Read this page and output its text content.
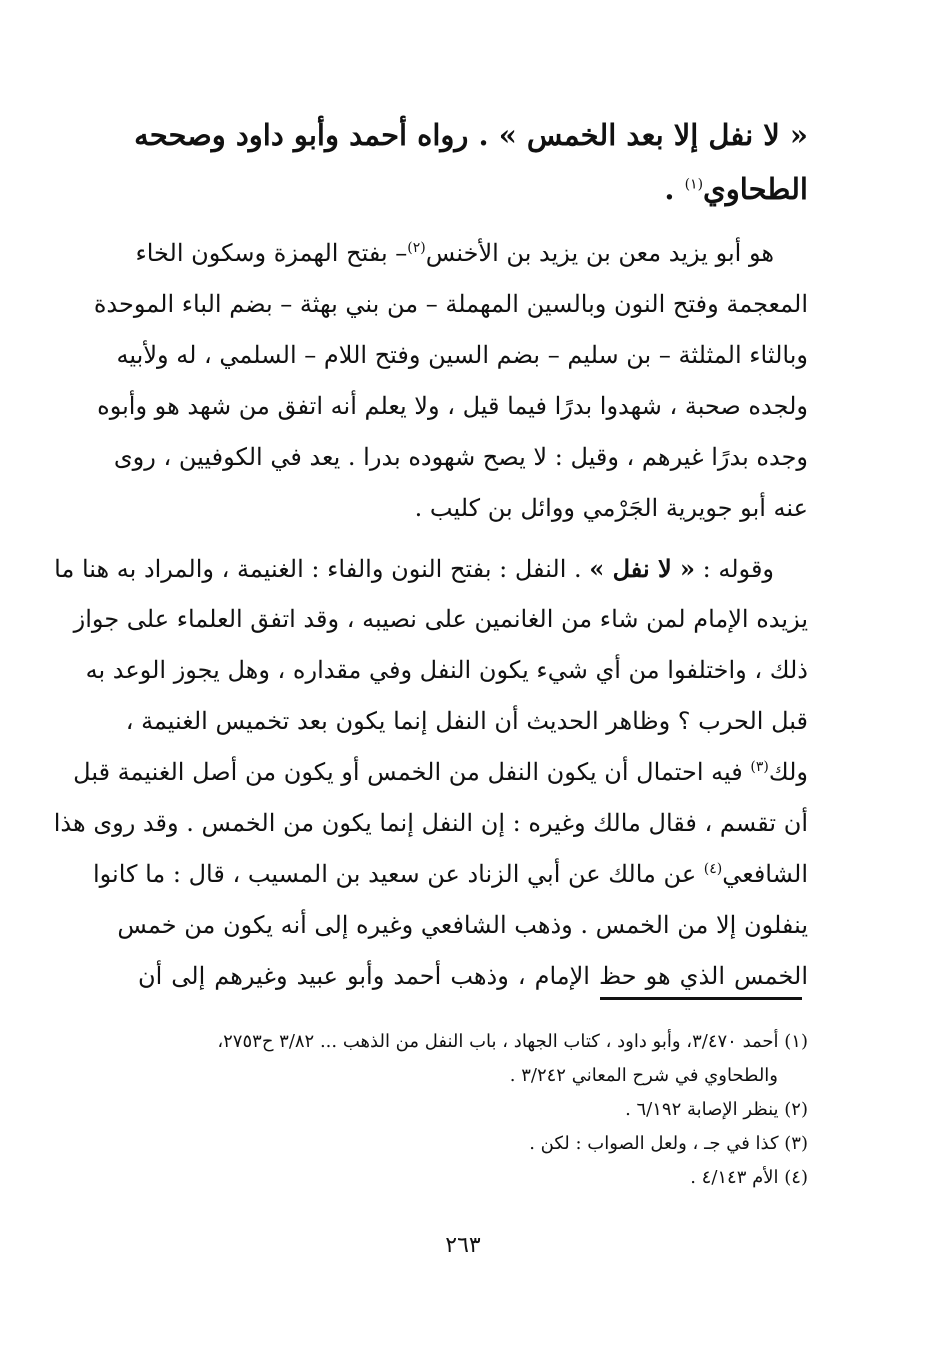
« لا نفل إلا بعد الخمس » . رواه أحمد وأبو داود وصححه
الطحاوي$^{(١)}$ .
هو أبو يزيد معن بن يزيد بن الأخنس$^{(٢)}$– بفتح الهمزة وسكون الخاء
المعجمة وفتح النون وبالسين المهملة – من بني بهثة – بضم الباء الموحدة
وبالثاء المثلثة – بن سليم – بضم السين وفتح اللام – السلمي ، له ولأبيه
ولجده صحبة ، شهدوا بدرًا فيما قيل ، ولا يعلم أنه اتفق من شهد هو وأبوه
وجده بدرًا غيرهم ، وقيل : لا يصح شهوده بدرا . يعد في الكوفيين ، روى
عنه أبو جويرية الجَرْمي ووائل بن كليب .
وقوله : « لا نفل » . النفل : بفتح النون والفاء : الغنيمة ، والمراد به هنا ما
يزيده الإمام لمن شاء من الغانمين على نصيبه ، وقد اتفق العلماء على جواز
ذلك ، واختلفوا من أي شيء يكون النفل وفي مقداره ، وهل يجوز الوعد به
قبل الحرب ؟ وظاهر الحديث أن النفل إنما يكون بعد تخميس الغنيمة ،
ولك$^{(٣)}$ فيه احتمال أن يكون النفل من الخمس أو يكون من أصل الغنيمة قبل
أن تقسم ، فقال مالك وغيره : إن النفل إنما يكون من الخمس . وقد روى هذا
الشافعي$^{(٤)}$ عن مالك عن أبي الزناد عن سعيد بن المسيب ، قال : ما كانوا
ينفلون إلا من الخمس . وذهب الشافعي وغيره إلى أنه يكون من خمس
الخمس الذي هو حظ الإمام ، وذهب أحمد وأبو عبيد وغيرهم إلى أن
(١) أحمد ٣/٤٧٠، وأبو داود ، كتاب الجهاد ، باب النفل من الذهب ... ٣/٨٢ ح٢٧٥٣،
والطحاوي في شرح المعاني ٣/٢٤٢ .
(٢) ينظر الإصابة ٦/١٩٢ .
(٣) كذا في جـ ، ولعل الصواب : لكن .
(٤) الأم ٤/١٤٣ .
٢٦٣
